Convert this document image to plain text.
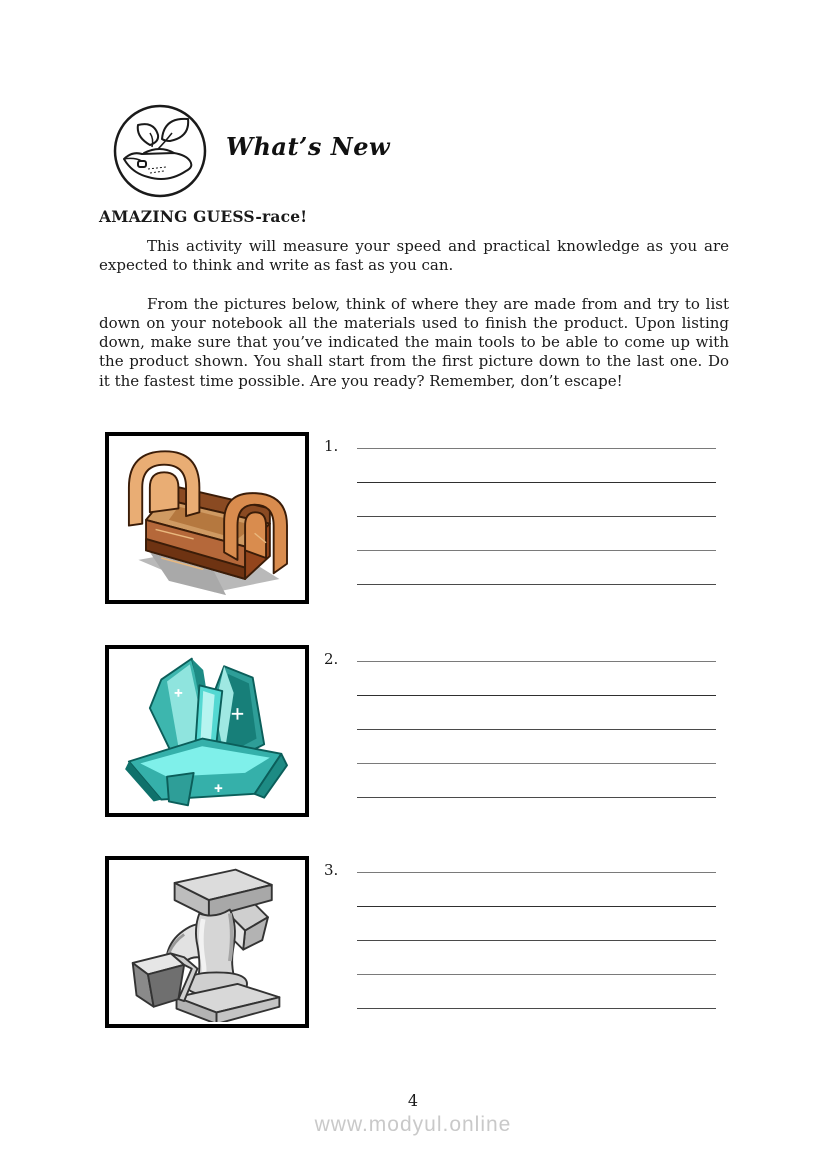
What’s New
AMAZING GUESS-race!

This activity will measure your speed and practical knowledge as you are expected to think and write as fast as you can.

From the pictures below, think of where they are made from and try to list down on your notebook all the materials used to finish the product. Upon listing down, make sure that you’ve indicated the main tools to be able to come up with the product shown. You shall start from the first picture down to the last one. Do it the fastest time possible. Are you ready? Remember, don’t escape!

1.
2.
3.
4
www.modyul.online
